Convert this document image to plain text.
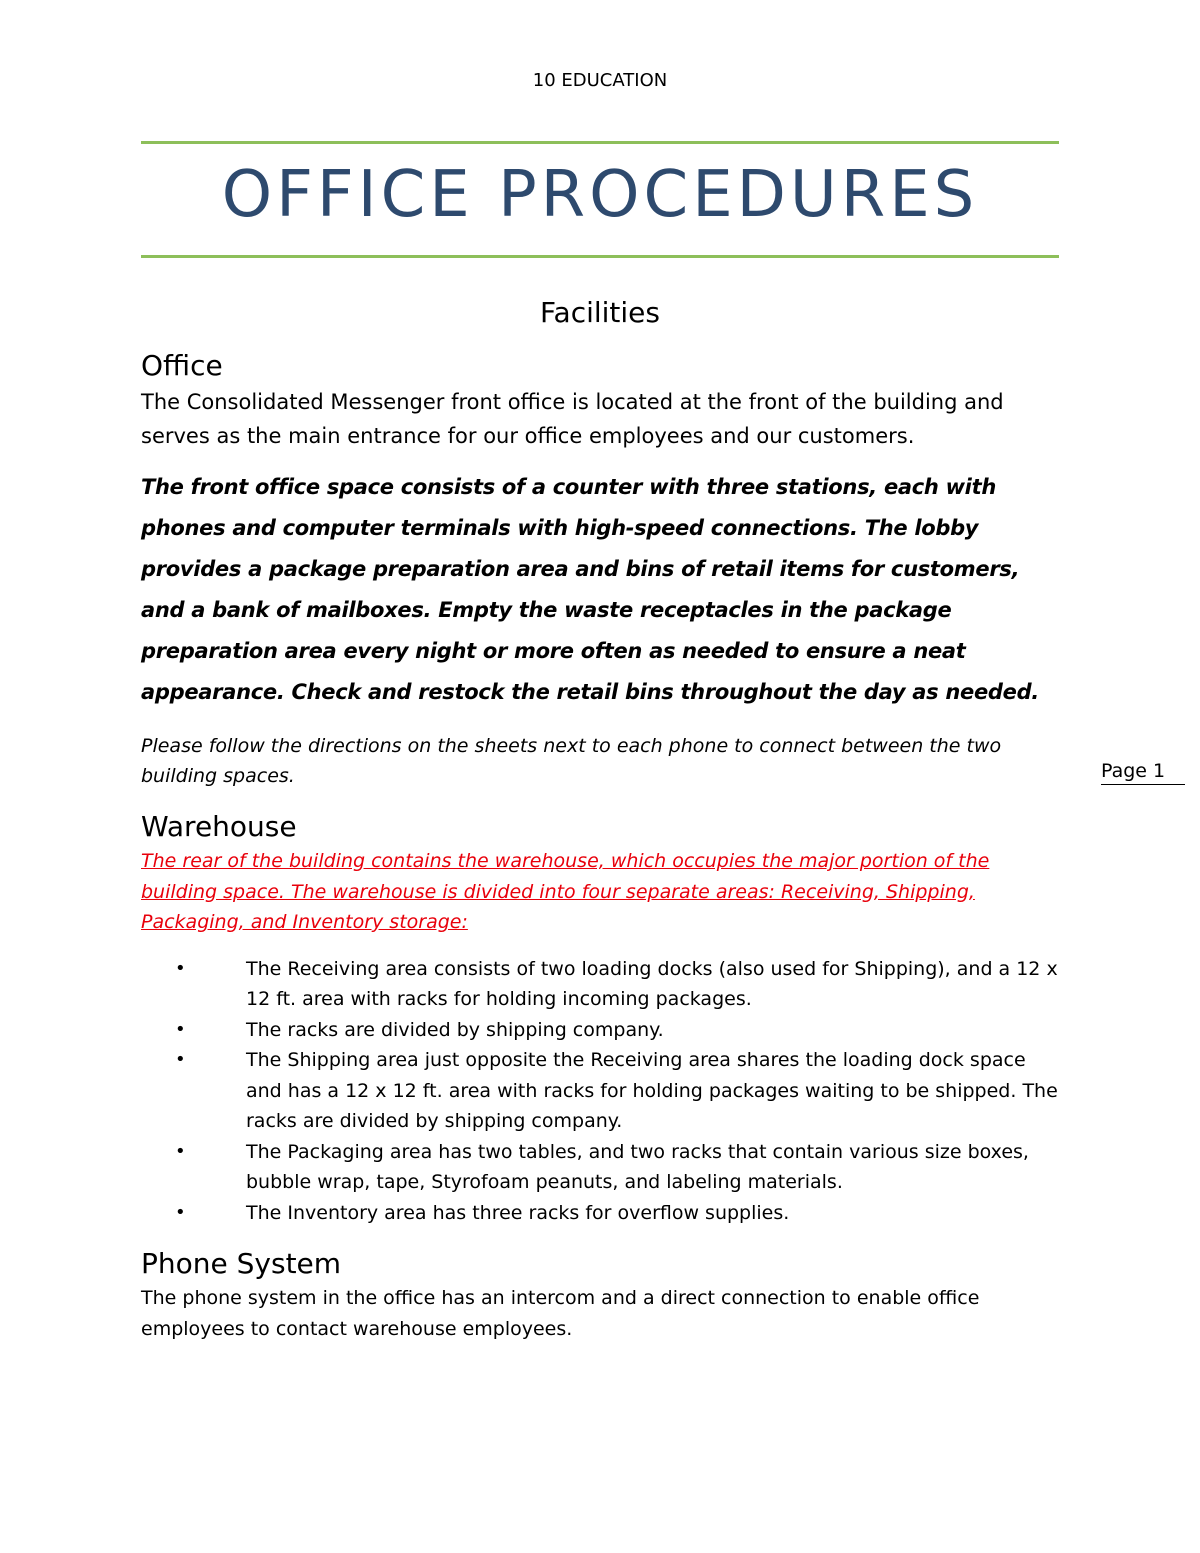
10 EDUCATION
OFFICE PROCEDURES
Facilities
Office

The Consolidated Messenger front office is located at the front of the building and serves as the main entrance for our office employees and our customers.

The front office space consists of a counter with three stations, each with phones and computer terminals with high-speed connections. The lobby provides a package preparation area and bins of retail items for customers, and a bank of mailboxes. Empty the waste receptacles in the package preparation area every night or more often as needed to ensure a neat appearance. Check and restock the retail bins throughout the day as needed.

Please follow the directions on the sheets next to each phone to connect between the two building spaces.

Warehouse

The rear of the building contains the warehouse, which occupies the major portion of the building space. The warehouse is divided into four separate areas: Receiving, Shipping, Packaging, and Inventory storage:

•	The Receiving area consists of two loading docks (also used for Shipping), and a 12 x 12 ft. area with racks for holding incoming packages.
•	The racks are divided by shipping company.
•	The Shipping area just opposite the Receiving area shares the loading dock space and has a 12 x 12 ft. area with racks for holding packages waiting to be shipped. The racks are divided by shipping company.
•	The Packaging area has two tables, and two racks that contain various size boxes, bubble wrap, tape, Styrofoam peanuts, and labeling materials.
•	The Inventory area has three racks for overflow supplies.
Phone System

The phone system in the office has an intercom and a direct connection to enable office employees to contact warehouse employees.

Page 1
